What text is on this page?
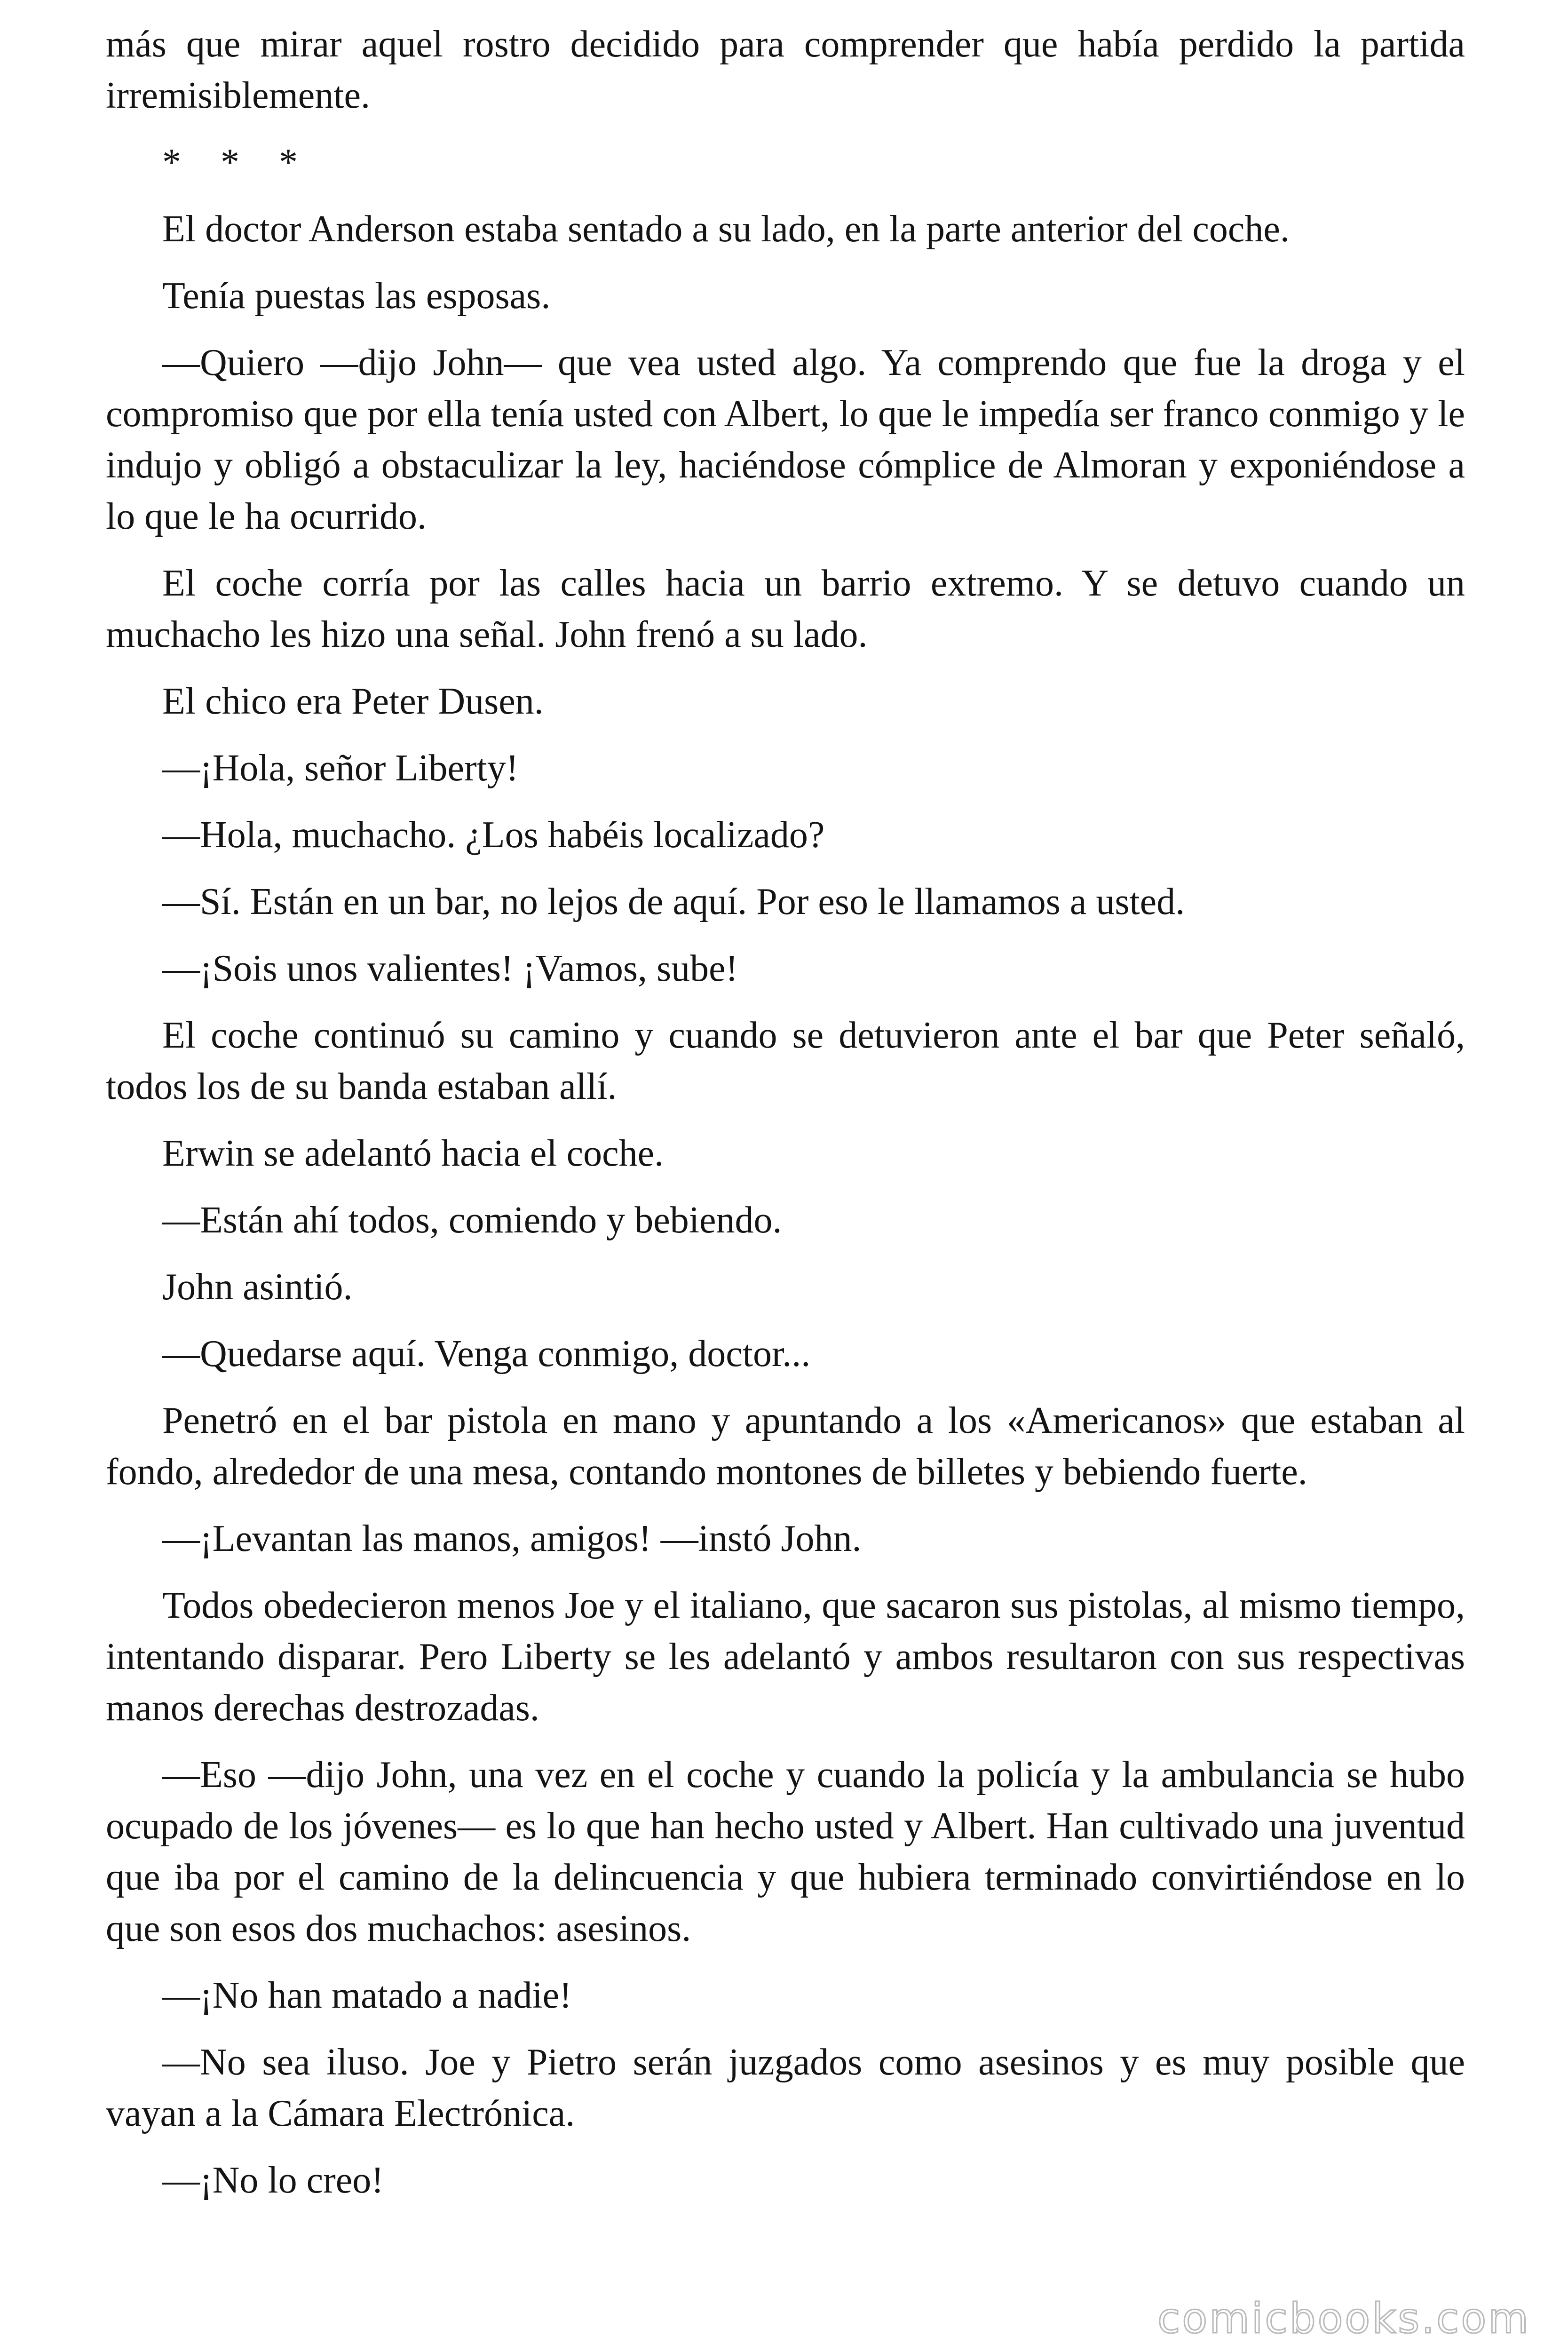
más que mirar aquel rostro decidido para comprender que había perdido la partida irremisiblemente.

* * *

El doctor Anderson estaba sentado a su lado, en la parte anterior del coche.

Tenía puestas las esposas.

—Quiero —dijo John— que vea usted algo. Ya comprendo que fue la droga y el compromiso que por ella tenía usted con Albert, lo que le impedía ser franco conmigo y le indujo y obligó a obstaculizar la ley, haciéndose cómplice de Almoran y exponiéndose a lo que le ha ocurrido.

El coche corría por las calles hacia un barrio extremo. Y se detuvo cuando un muchacho les hizo una señal. John frenó a su lado.

El chico era Peter Dusen.

—¡Hola, señor Liberty!

—Hola, muchacho. ¿Los habéis localizado?

—Sí. Están en un bar, no lejos de aquí. Por eso le llamamos a usted.

—¡Sois unos valientes! ¡Vamos, sube!

El coche continuó su camino y cuando se detuvieron ante el bar que Peter señaló, todos los de su banda estaban allí.

Erwin se adelantó hacia el coche.

—Están ahí todos, comiendo y bebiendo.

John asintió.

—Quedarse aquí. Venga conmigo, doctor...

Penetró en el bar pistola en mano y apuntando a los «Americanos» que estaban al fondo, alrededor de una mesa, contando montones de billetes y bebiendo fuerte.

—¡Levantan las manos, amigos! —instó John.

Todos obedecieron menos Joe y el italiano, que sacaron sus pistolas, al mismo tiempo, intentando disparar. Pero Liberty se les adelantó y ambos resultaron con sus respectivas manos derechas destrozadas.

—Eso —dijo John, una vez en el coche y cuando la policía y la ambulancia se hubo ocupado de los jóvenes— es lo que han hecho usted y Albert. Han cultivado una juventud que iba por el camino de la delincuencia y que hubiera terminado convirtiéndose en lo que son esos dos muchachos: asesinos.

—¡No han matado a nadie!

—No sea iluso. Joe y Pietro serán juzgados como asesinos y es muy posible que vayan a la Cámara Electrónica.

—¡No lo creo!

comicbooks.com
